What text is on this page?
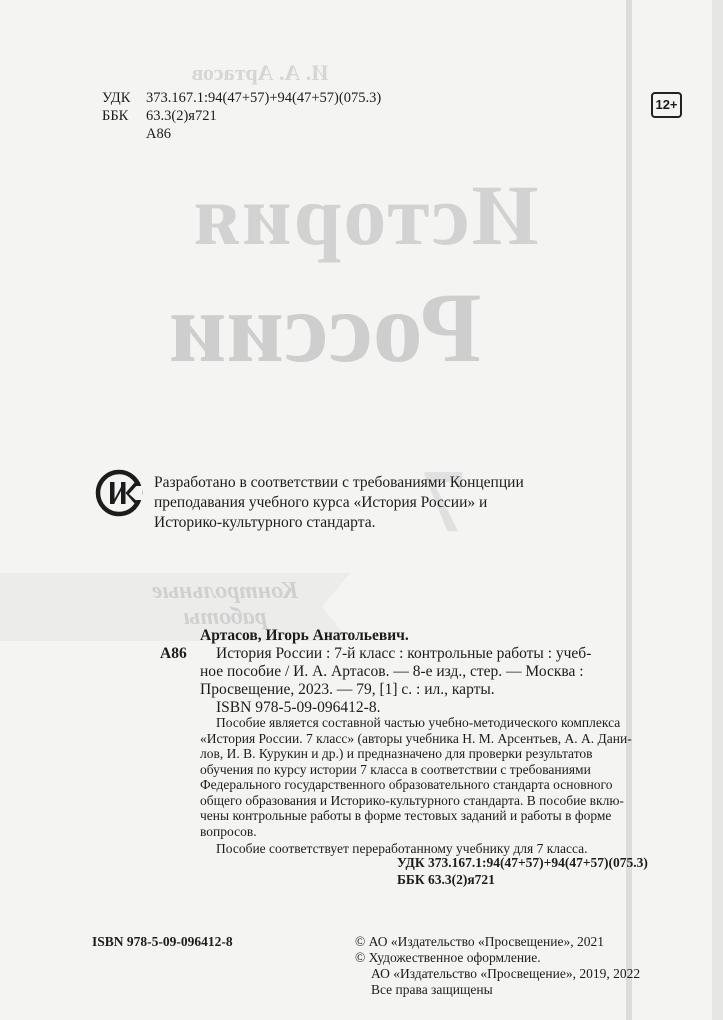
И. А. Артасов
История
России
7
Контрольные
работы
УДК 373.167.1:94(47+57)+94(47+57)(075.3)
ББК 63.3(2)я721
А86
12+
Разработано в соответствии с требованиями Концепции
преподавания учебного курса «История России» и
Историко-культурного стандарта.
Артасов, Игорь Анатольевич.
А86 История России : 7-й класс : контрольные работы : учеб-
ное пособие / И. А. Артасов. — 8-е изд., стер. — Москва :
Просвещение, 2023. — 79, [1] с. : ил., карты.
ISBN 978-5-09-096412-8.
Пособие является составной частью учебно-методического комплекса
«История России. 7 класс» (авторы учебника Н. М. Арсентьев, А. А. Дани-
лов, И. В. Курукин и др.) и предназначено для проверки результатов
обучения по курсу истории 7 класса в соответствии с требованиями
Федерального государственного образовательного стандарта основного
общего образования и Историко-культурного стандарта. В пособие вклю-
чены контрольные работы в форме тестовых заданий и работы в форме
вопросов.
Пособие соответствует переработанному учебнику для 7 класса.
УДК 373.167.1:94(47+57)+94(47+57)(075.3)
ББК 63.3(2)я721
ISBN 978-5-09-096412-8	© АО «Издательство «Просвещение», 2021
© Художественное оформление.
АО «Издательство «Просвещение», 2019, 2022
Все права защищены
